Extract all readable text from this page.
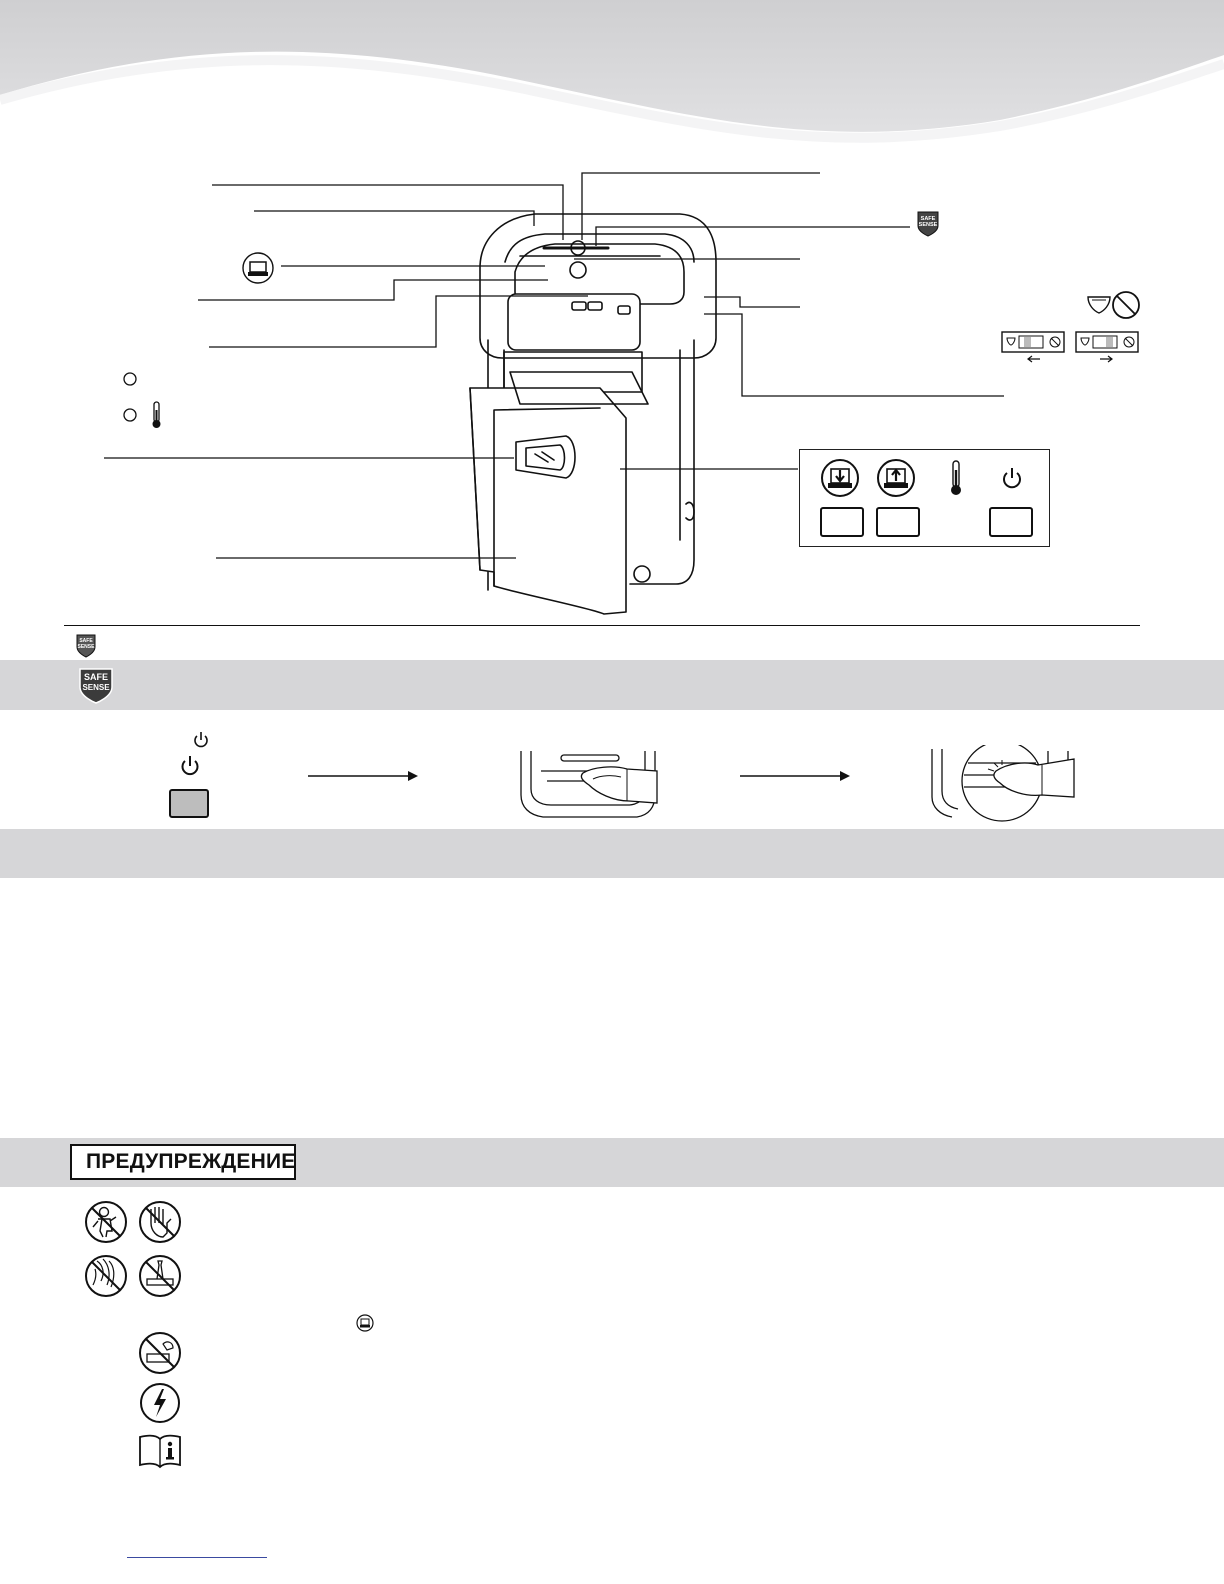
SAFE
SENSE
SAFE
SENSE
SAFE
SENSE
ПРЕДУПРЕЖДЕНИЕ
